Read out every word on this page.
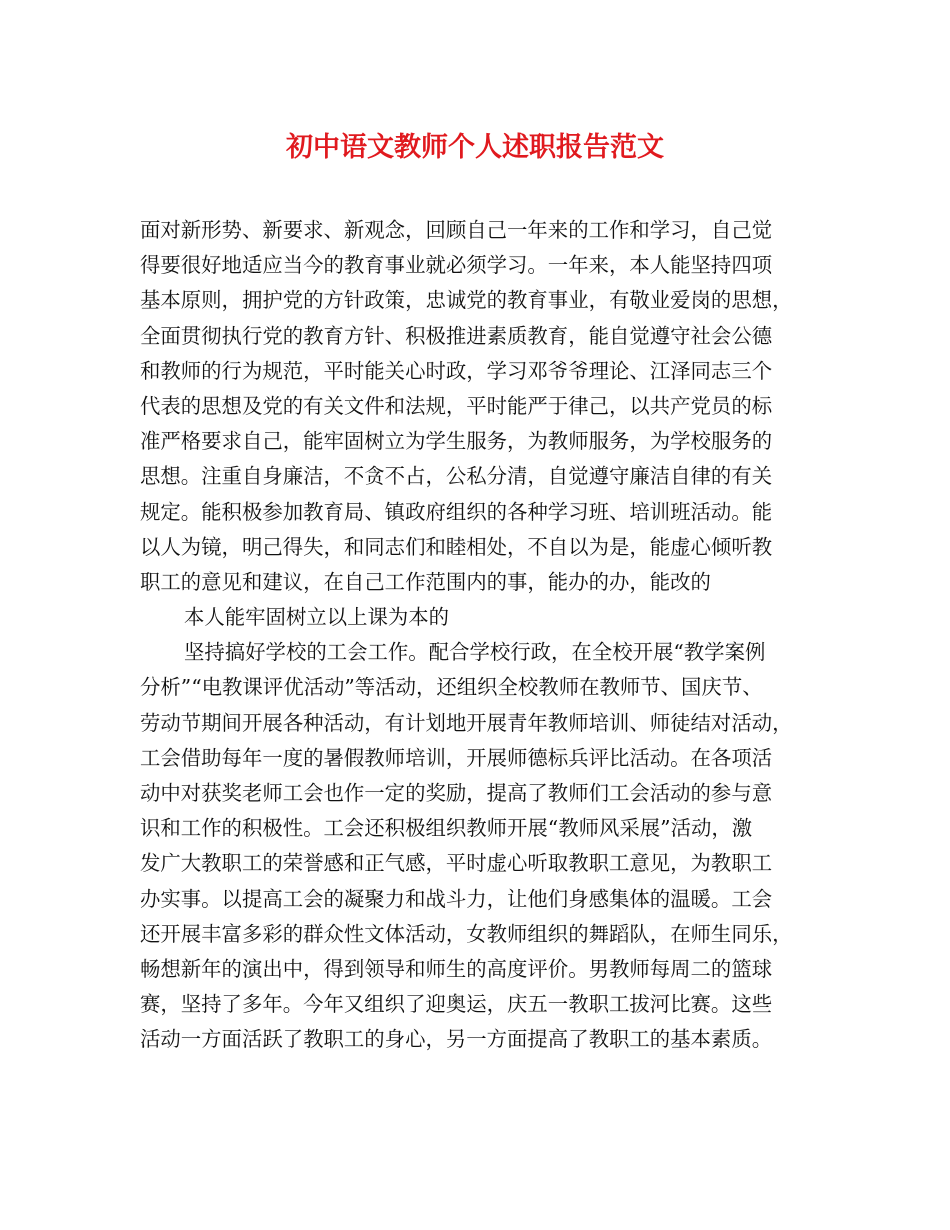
初中语文教师个人述职报告范文
面对新形势、新要求、新观念，回顾自己一年来的工作和学习，自己觉
得要很好地适应当今的教育事业就必须学习。一年来，本人能坚持四项
基本原则，拥护党的方针政策，忠诚党的教育事业，有敬业爱岗的思想，
全面贯彻执行党的教育方针、积极推进素质教育，能自觉遵守社会公德
和教师的行为规范，平时能关心时政，学习邓爷爷理论、江泽同志三个
代表的思想及党的有关文件和法规，平时能严于律己，以共产党员的标
准严格要求自己，能牢固树立为学生服务，为教师服务，为学校服务的
思想。注重自身廉洁，不贪不占，公私分清，自觉遵守廉洁自律的有关
规定。能积极参加教育局、镇政府组织的各种学习班、培训班活动。能
以人为镜，明己得失，和同志们和睦相处，不自以为是，能虚心倾听教
职工的意见和建议，在自己工作范围内的事，能办的办，能改的
本人能牢固树立以上课为本的
坚持搞好学校的工会工作。配合学校行政，在全校开展“教学案例
分析”“电教课评优活动”等活动，还组织全校教师在教师节、国庆节、
劳动节期间开展各种活动，有计划地开展青年教师培训、师徒结对活动，
工会借助每年一度的暑假教师培训，开展师德标兵评比活动。在各项活
动中对获奖老师工会也作一定的奖励，提高了教师们工会活动的参与意
识和工作的积极性。工会还积极组织教师开展“教师风采展”活动，激
发广大教职工的荣誉感和正气感，平时虚心听取教职工意见，为教职工
办实事。以提高工会的凝聚力和战斗力，让他们身感集体的温暖。工会
还开展丰富多彩的群众性文体活动，女教师组织的舞蹈队，在师生同乐，
畅想新年的演出中，得到领导和师生的高度评价。男教师每周二的篮球
赛，坚持了多年。今年又组织了迎奥运，庆五一教职工拔河比赛。这些
活动一方面活跃了教职工的身心，另一方面提高了教职工的基本素质。
